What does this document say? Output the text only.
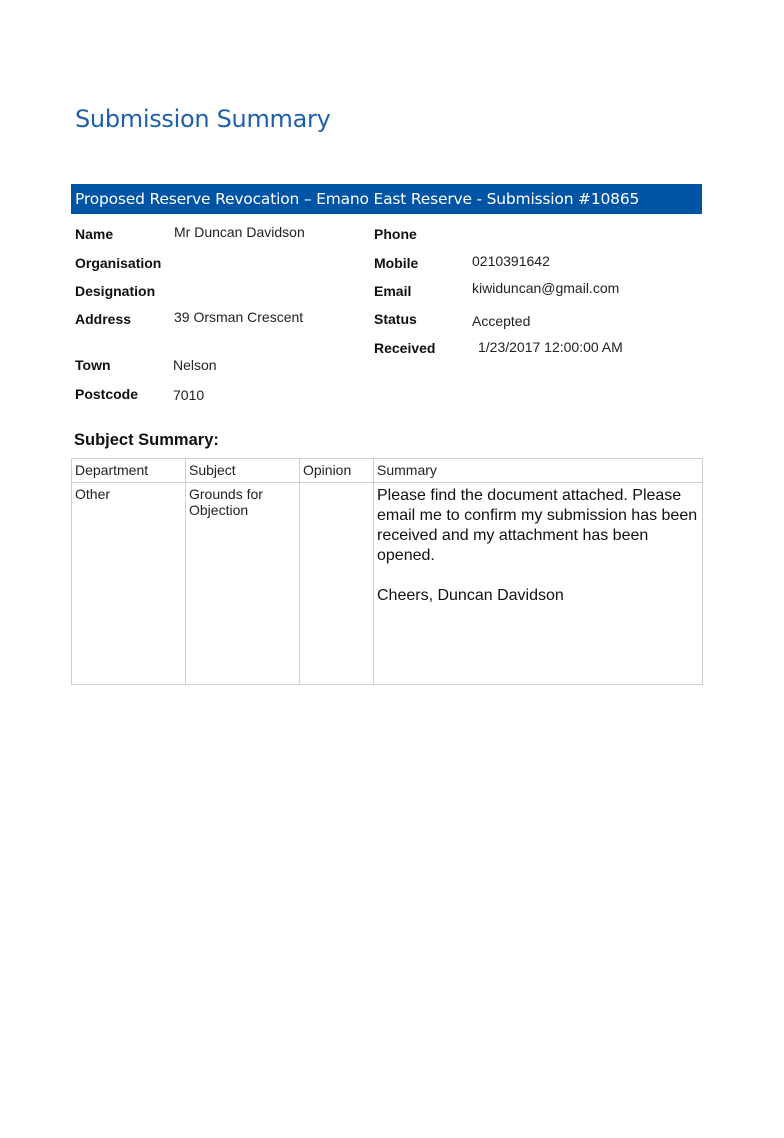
Submission Summary
Proposed Reserve Revocation – Emano East Reserve - Submission #10865
Name	Mr Duncan Davidson
Organisation
Designation
Address	39 Orsman Crescent
Town	Nelson
Postcode 7010
Phone
Mobile	0210391642
Email	kiwiduncan@gmail.com
Status	Accepted
Received	1/23/2017 12:00:00 AM
Subject Summary:
Department	Subject	Opinion	Summary
Other	Grounds for Objection		Please find the document attached. Please email me to confirm my submission has been received and my attachment has been opened.

Cheers, Duncan Davidson
